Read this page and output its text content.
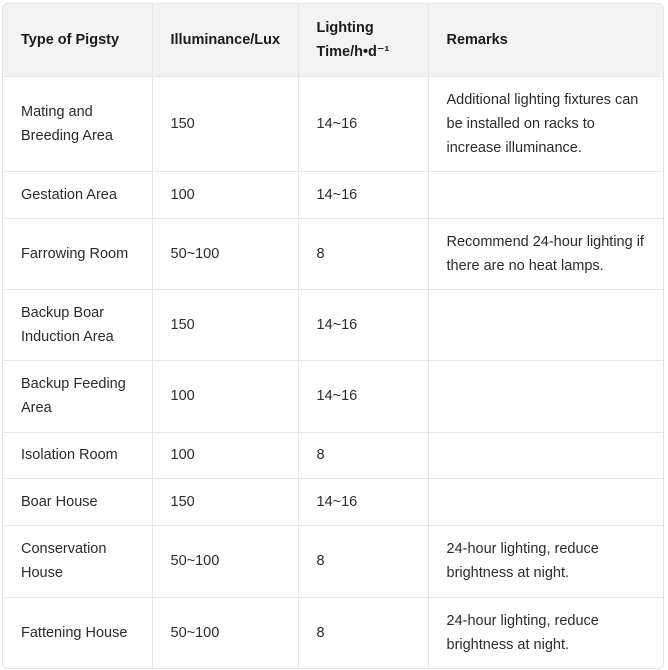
Type of Pigsty	Illuminance/Lux	Lighting Time/h•d⁻¹	Remarks
Mating and Breeding Area	150	14~16	Additional lighting fixtures can be installed on racks to increase illuminance.
Gestation Area	100	14~16	
Farrowing Room	50~100	8	Recommend 24-hour lighting if there are no heat lamps.
Backup Boar Induction Area	150	14~16	
Backup Feeding Area	100	14~16	
Isolation Room	100	8	
Boar House	150	14~16	
Conservation House	50~100	8	24-hour lighting, reduce brightness at night.
Fattening House	50~100	8	24-hour lighting, reduce brightness at night.
